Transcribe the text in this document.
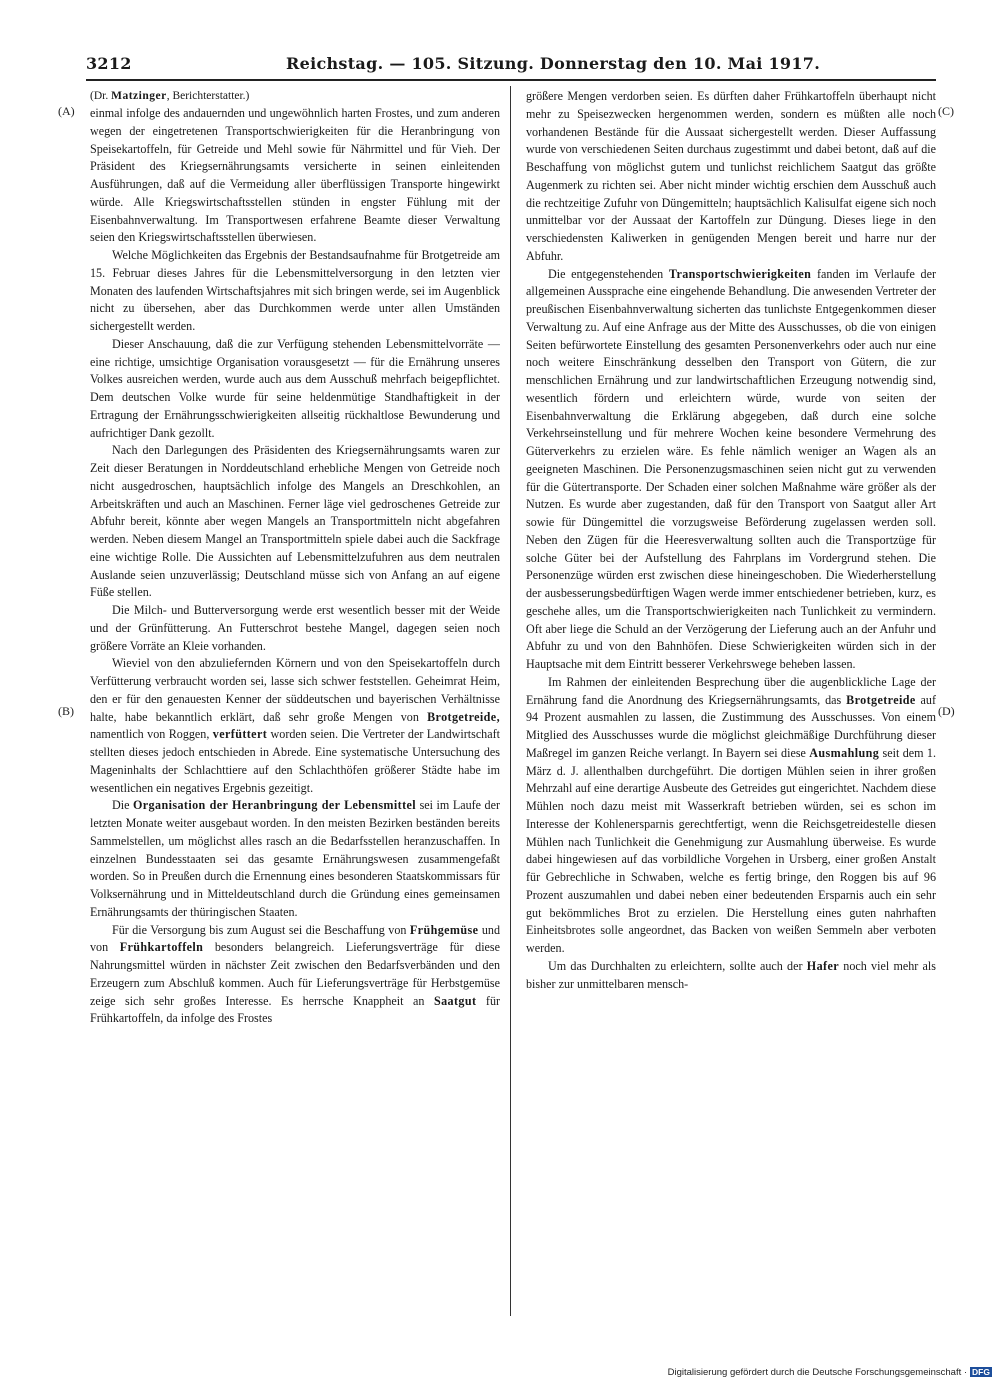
3212	Reichstag. — 105. Sitzung. Donnerstag den 10. Mai 1917.
(A)
(B)
(C)
(D)

(Dr. Matzinger, Berichterstatter.)

einmal infolge des andauernden und ungewöhnlich harten Frostes, und zum anderen wegen der eingetretenen Transportschwierigkeiten für die Heranbringung von Speisekartoffeln, für Getreide und Mehl sowie für Nährmittel und für Vieh. Der Präsident des Kriegsernährungsamts versicherte in seinen einleitenden Ausführungen, daß auf die Vermeidung aller überflüssigen Transporte hingewirkt würde. Alle Kriegswirtschaftsstellen stünden in engster Fühlung mit der Eisenbahnverwaltung. Im Transportwesen erfahrene Beamte dieser Verwaltung seien den Kriegswirtschaftsstellen überwiesen.

Welche Möglichkeiten das Ergebnis der Bestandsaufnahme für Brotgetreide am 15. Februar dieses Jahres für die Lebensmittelversorgung in den letzten vier Monaten des laufenden Wirtschaftsjahres mit sich bringen werde, sei im Augenblick nicht zu übersehen, aber das Durchkommen werde unter allen Umständen sichergestellt werden.

Dieser Anschauung, daß die zur Verfügung stehenden Lebensmittelvorräte — eine richtige, umsichtige Organisation vorausgesetzt — für die Ernährung unseres Volkes ausreichen werden, wurde auch aus dem Ausschuß mehrfach beigepflichtet. Dem deutschen Volke wurde für seine heldenmütige Standhaftigkeit in der Ertragung der Ernährungsschwierigkeiten allseitig rückhaltlose Bewunderung und aufrichtiger Dank gezollt.

Nach den Darlegungen des Präsidenten des Kriegsernährungsamts waren zur Zeit dieser Beratungen in Norddeutschland erhebliche Mengen von Getreide noch nicht ausgedroschen, hauptsächlich infolge des Mangels an Dreschkohlen, an Arbeitskräften und auch an Maschinen. Ferner läge viel gedroschenes Getreide zur Abfuhr bereit, könnte aber wegen Mangels an Transportmitteln nicht abgefahren werden. Neben diesem Mangel an Transportmitteln spiele dabei auch die Sackfrage eine wichtige Rolle. Die Aussichten auf Lebensmittelzufuhren aus dem neutralen Auslande seien unzuverlässig; Deutschland müsse sich von Anfang an auf eigene Füße stellen.

Die Milch- und Butterversorgung werde erst wesentlich besser mit der Weide und der Grünfütterung. An Futterschrot bestehe Mangel, dagegen seien noch größere Vorräte an Kleie vorhanden.

Wieviel von den abzuliefernden Körnern und von den Speisekartoffeln durch Verfütterung verbraucht worden sei, lasse sich schwer feststellen. Geheimrat Heim, den er für den genauesten Kenner der süddeutschen und bayerischen Verhältnisse halte, habe bekanntlich erklärt, daß sehr große Mengen von Brotgetreide, namentlich von Roggen, verfüttert worden seien. Die Vertreter der Landwirtschaft stellten dieses jedoch entschieden in Abrede. Eine systematische Untersuchung des Mageninhalts der Schlachttiere auf den Schlachthöfen größerer Städte habe im wesentlichen ein negatives Ergebnis gezeitigt.

Die Organisation der Heranbringung der Lebensmittel sei im Laufe der letzten Monate weiter ausgebaut worden. In den meisten Bezirken beständen bereits Sammelstellen, um möglichst alles rasch an die Bedarfsstellen heranzuschaffen. In einzelnen Bundesstaaten sei das gesamte Ernährungswesen zusammengefaßt worden. So in Preußen durch die Ernennung eines besonderen Staatskommissars für Volksernährung und in Mitteldeutschland durch die Gründung eines gemeinsamen Ernährungsamts der thüringischen Staaten.

Für die Versorgung bis zum August sei die Beschaffung von Frühgemüse und von Frühkartoffeln besonders belangreich. Lieferungsverträge für diese Nahrungsmittel würden in nächster Zeit zwischen den Bedarfsverbänden und den Erzeugern zum Abschluß kommen. Auch für Lieferungsverträge für Herbstgemüse zeige sich sehr großes Interesse. Es herrsche Knappheit an Saatgut für Frühkartoffeln, da infolge des Frostes

größere Mengen verdorben seien. Es dürften daher Frühkartoffeln überhaupt nicht mehr zu Speisezwecken hergenommen werden, sondern es müßten alle noch vorhandenen Bestände für die Aussaat sichergestellt werden. Dieser Auffassung wurde von verschiedenen Seiten durchaus zugestimmt und dabei betont, daß auf die Beschaffung von möglichst gutem und tunlichst reichlichem Saatgut das größte Augenmerk zu richten sei. Aber nicht minder wichtig erschien dem Ausschuß auch die rechtzeitige Zufuhr von Düngemitteln; hauptsächlich Kalisulfat eigene sich noch unmittelbar vor der Aussaat der Kartoffeln zur Düngung. Dieses liege in den verschiedensten Kaliwerken in genügenden Mengen bereit und harre nur der Abfuhr.

Die entgegenstehenden Transportschwierigkeiten fanden im Verlaufe der allgemeinen Aussprache eine eingehende Behandlung. Die anwesenden Vertreter der preußischen Eisenbahnverwaltung sicherten das tunlichste Entgegenkommen dieser Verwaltung zu. Auf eine Anfrage aus der Mitte des Ausschusses, ob die von einigen Seiten befürwortete Einstellung des gesamten Personenverkehrs oder auch nur eine noch weitere Einschränkung desselben den Transport von Gütern, die zur menschlichen Ernährung und zur landwirtschaftlichen Erzeugung notwendig sind, wesentlich fördern und erleichtern würde, wurde von seiten der Eisenbahnverwaltung die Erklärung abgegeben, daß durch eine solche Verkehrseinstellung und für mehrere Wochen keine besondere Vermehrung des Güterverkehrs zu erzielen wäre. Es fehle nämlich weniger an Wagen als an geeigneten Maschinen. Die Personenzugsmaschinen seien nicht gut zu verwenden für die Gütertransporte. Der Schaden einer solchen Maßnahme wäre größer als der Nutzen. Es wurde aber zugestanden, daß für den Transport von Saatgut aller Art sowie für Düngemittel die vorzugsweise Beförderung zugelassen werden soll. Neben den Zügen für die Heeresverwaltung sollten auch die Transportzüge für solche Güter bei der Aufstellung des Fahrplans im Vordergrund stehen. Die Personenzüge würden erst zwischen diese hineingeschoben. Die Wiederherstellung der ausbesserungsbedürftigen Wagen werde immer entschiedener betrieben, kurz, es geschehe alles, um die Transportschwierigkeiten nach Tunlichkeit zu vermindern. Oft aber liege die Schuld an der Verzögerung der Lieferung auch an der Anfuhr und Abfuhr zu und von den Bahnhöfen. Diese Schwierigkeiten würden sich in der Hauptsache mit dem Eintritt besserer Verkehrswege beheben lassen.

Im Rahmen der einleitenden Besprechung über die augenblickliche Lage der Ernährung fand die Anordnung des Kriegsernährungsamts, das Brotgetreide auf 94 Prozent ausmahlen zu lassen, die Zustimmung des Ausschusses. Von einem Mitglied des Ausschusses wurde die möglichst gleichmäßige Durchführung dieser Maßregel im ganzen Reiche verlangt. In Bayern sei diese Ausmahlung seit dem 1. März d. J. allenthalben durchgeführt. Die dortigen Mühlen seien in ihrer großen Mehrzahl auf eine derartige Ausbeute des Getreides gut eingerichtet. Nachdem diese Mühlen noch dazu meist mit Wasserkraft betrieben würden, sei es schon im Interesse der Kohlenersparnis gerechtfertigt, wenn die Reichsgetreidestelle diesen Mühlen nach Tunlichkeit die Genehmigung zur Ausmahlung überweise. Es wurde dabei hingewiesen auf das vorbildliche Vorgehen in Ursberg, einer großen Anstalt für Gebrechliche in Schwaben, welche es fertig bringe, den Roggen bis auf 96 Prozent auszumahlen und dabei neben einer bedeutenden Ersparnis auch ein sehr gut bekömmliches Brot zu erzielen. Die Herstellung eines guten nahrhaften Einheitsbrotes solle angeordnet, das Backen von weißen Semmeln aber verboten werden.

Um das Durchhalten zu erleichtern, sollte auch der Hafer noch viel mehr als bisher zur unmittelbaren mensch-

Digitalisierung gefördert durch die Deutsche Forschungsgemeinschaft · DFG
